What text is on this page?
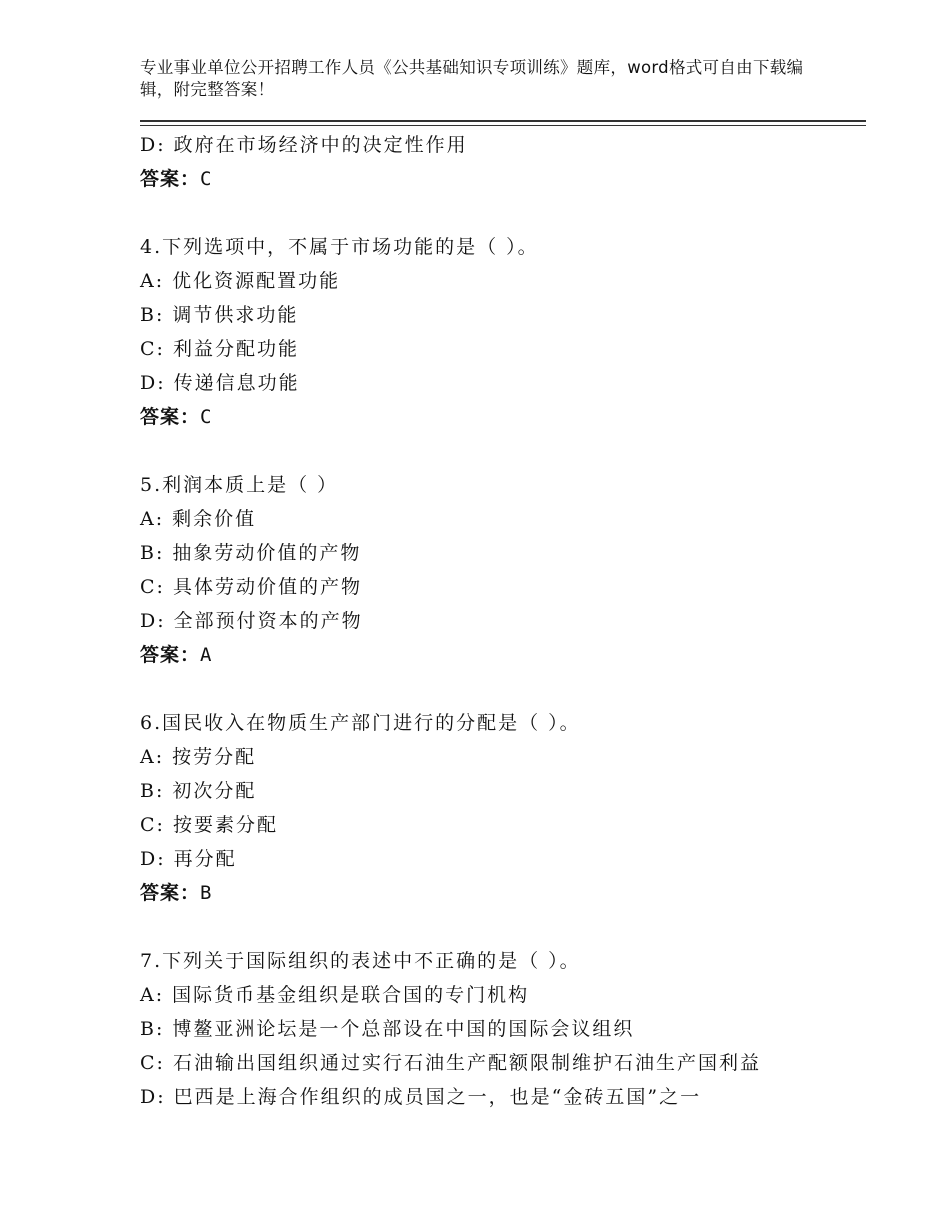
专业事业单位公开招聘工作人员《公共基础知识专项训练》题库，word格式可自由下载编辑，附完整答案！
D: 政府在市场经济中的决定性作用
答案：C
4.下列选项中，不属于市场功能的是（ ）。
A: 优化资源配置功能
B: 调节供求功能
C: 利益分配功能
D: 传递信息功能
答案：C
5.利润本质上是（ ）
A: 剩余价值
B: 抽象劳动价值的产物
C: 具体劳动价值的产物
D: 全部预付资本的产物
答案：A
6.国民收入在物质生产部门进行的分配是（ ）。
A: 按劳分配
B: 初次分配
C: 按要素分配
D: 再分配
答案：B
7.下列关于国际组织的表述中不正确的是（ ）。
A: 国际货币基金组织是联合国的专门机构
B: 博鳌亚洲论坛是一个总部设在中国的国际会议组织
C: 石油输出国组织通过实行石油生产配额限制维护石油生产国利益
D: 巴西是上海合作组织的成员国之一，也是“金砖五国”之一
